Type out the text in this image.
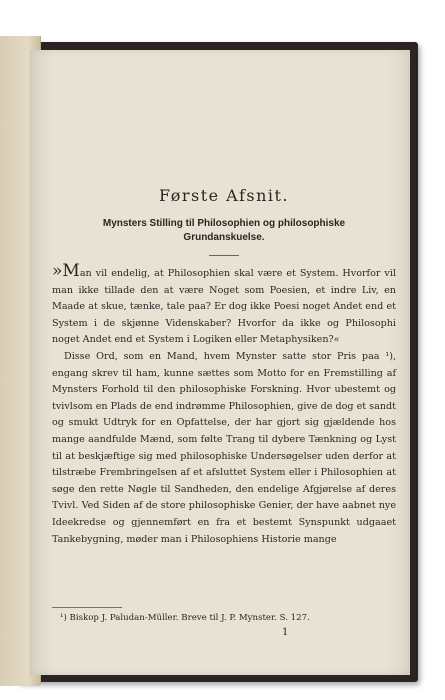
Første Afsnit.

Mynsters Stilling til Philosophien og philosophiske
Grundanskuelse.

»Man vil endelig, at Philosophien skal være et System. Hvorfor vil man ikke tillade den at være Noget som Poesien, et indre Liv, en Maade at skue, tænke, tale paa? Er dog ikke Poesi noget Andet end et System i de skjønne Videnskaber? Hvorfor da ikke og Philosophi noget Andet end et System i Logiken eller Metaphysiken?«

Disse Ord, som en Mand, hvem Mynster satte stor Pris paa ¹), engang skrev til ham, kunne sættes som Motto for en Fremstilling af Mynsters Forhold til den philosophiske Forskning. Hvor ubestemt og tvivlsom en Plads de end indrømme Philosophien, give de dog et sandt og smukt Udtryk for en Opfattelse, der har gjort sig gjældende hos mange aandfulde Mænd, som følte Trang til dybere Tænkning og Lyst til at beskjæftige sig med philosophiske Undersøgelser uden derfor at tilstræbe Frembringelsen af et afsluttet System eller i Philosophien at søge den rette Nøgle til Sandheden, den endelige Afgjørelse af deres Tvivl. Ved Siden af de store philosophiske Genier, der have aabnet nye Ideekredse og gjennemført en fra et bestemt Synspunkt udgaaet Tankebygning, møder man i Philosophiens Historie mange

¹) Biskop J. Paludan-Müller. Breve til J. P. Mynster. S. 127.

1
